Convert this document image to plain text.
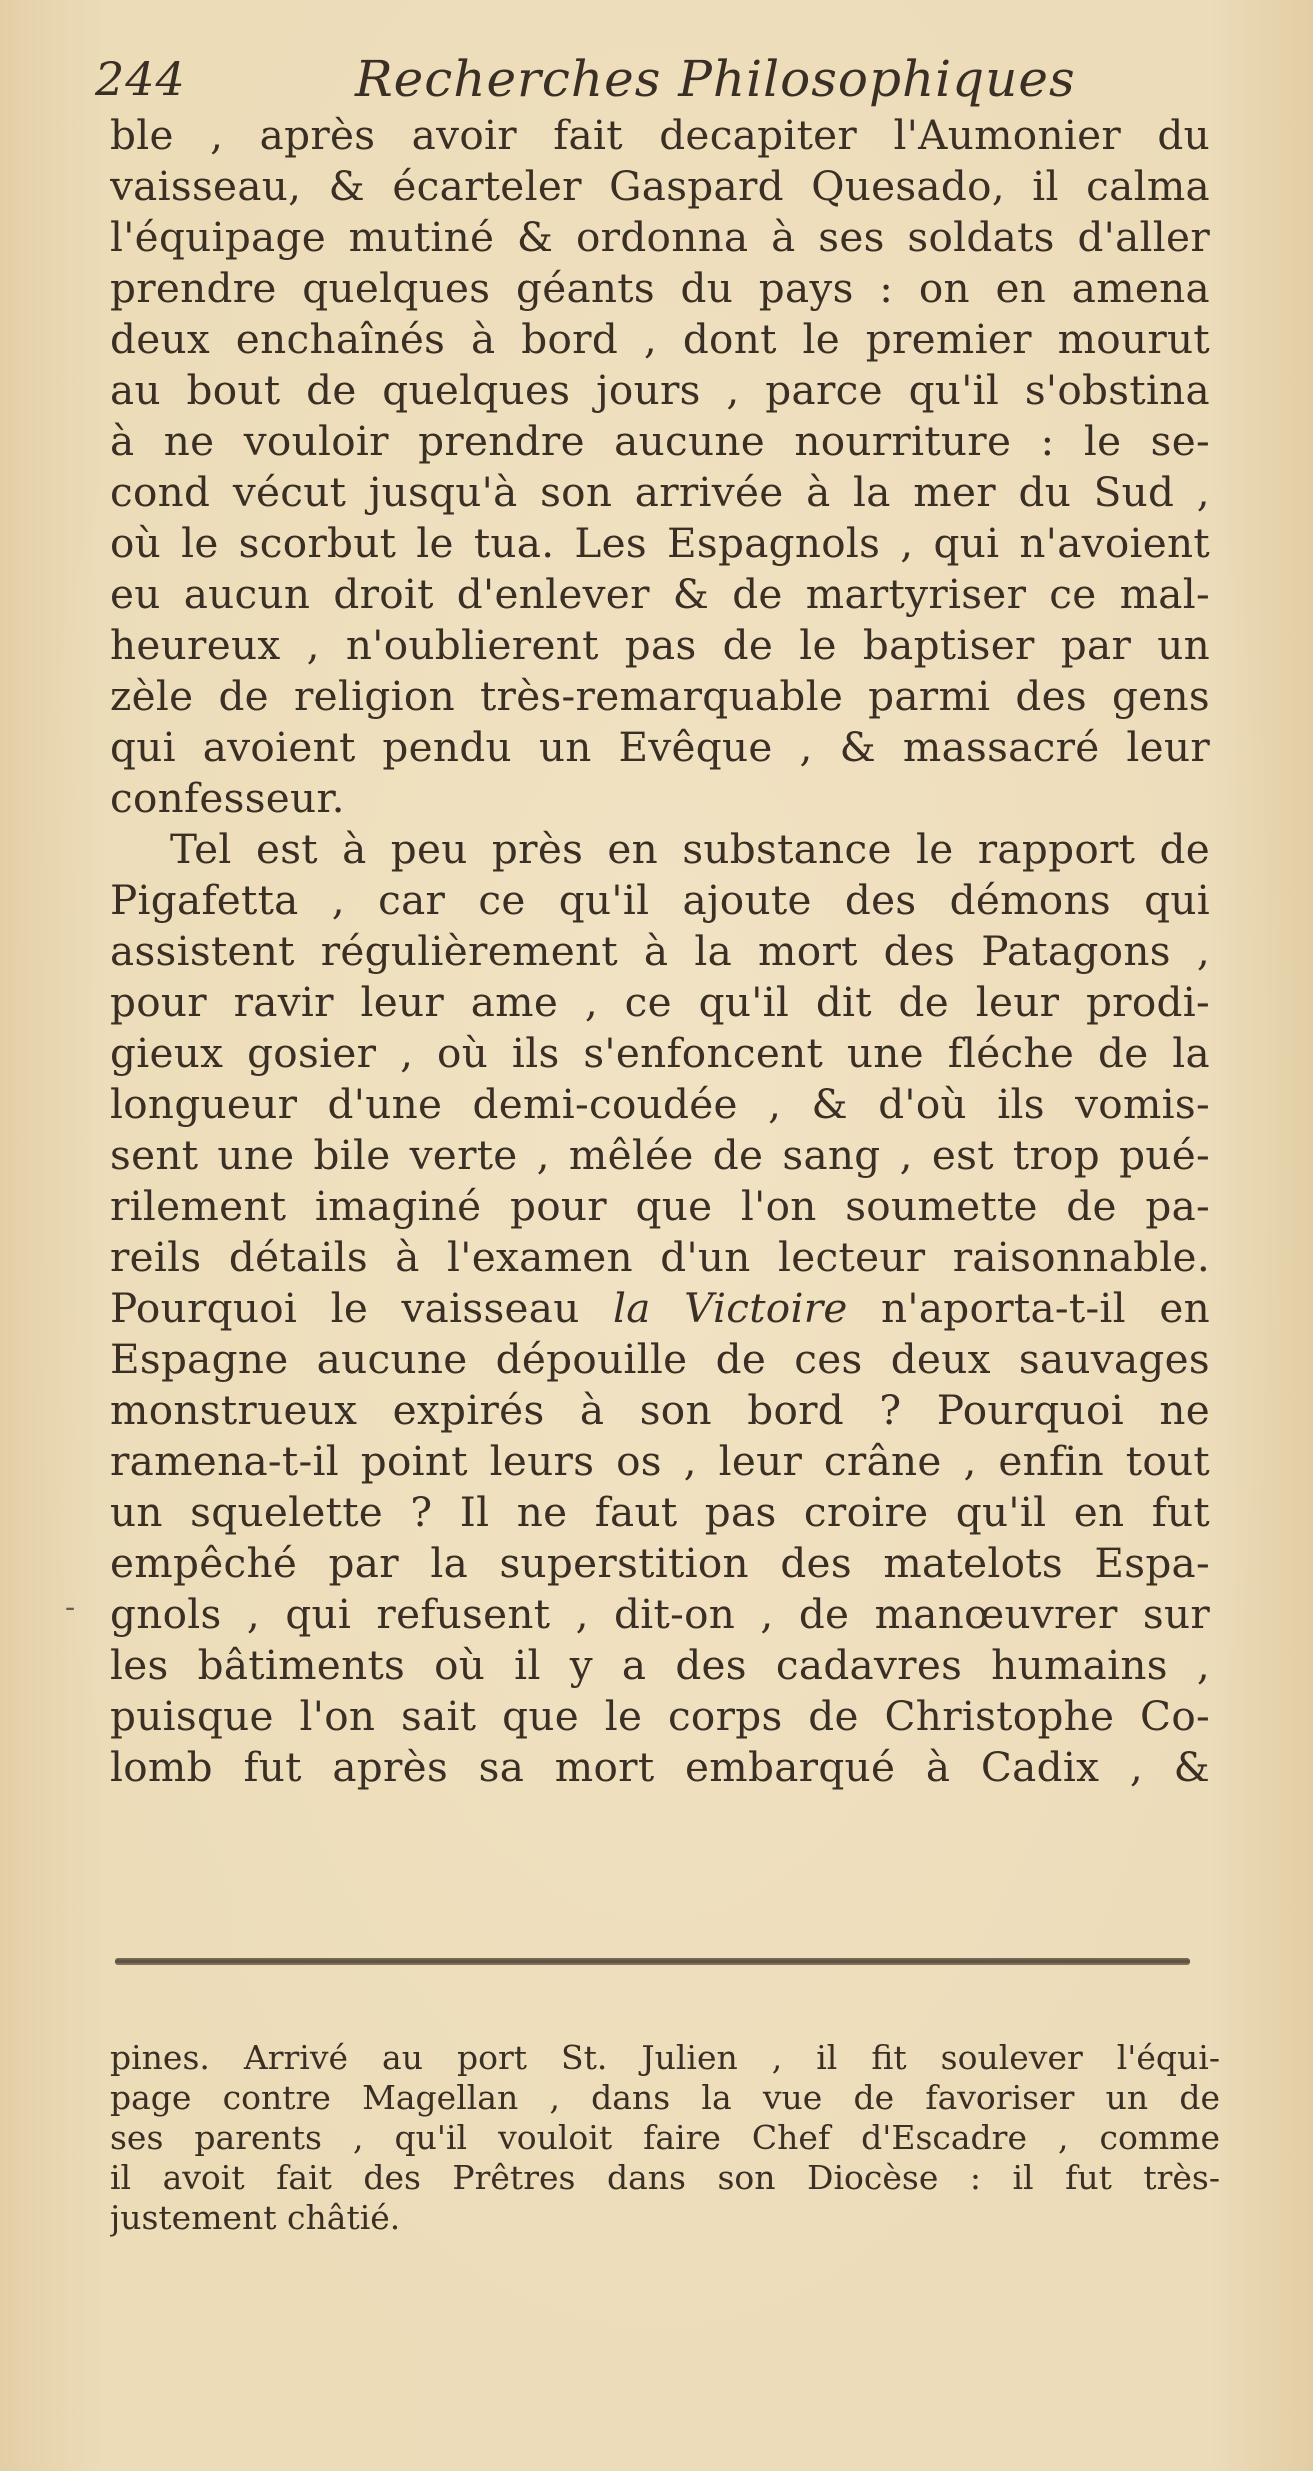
244	Recherches Philosophiques
ble , après avoir fait decapiter l'Aumonier du
vaisseau, & écarteler Gaspard Quesado, il calma
l'équipage mutiné & ordonna à ses soldats d'aller
prendre quelques géants du pays : on en amena
deux enchaînés à bord , dont le premier mourut
au bout de quelques jours , parce qu'il s'obstina
à ne vouloir prendre aucune nourriture : le se-
cond vécut jusqu'à son arrivée à la mer du Sud ,
où le scorbut le tua. Les Espagnols , qui n'avoient
eu aucun droit d'enlever & de martyriser ce mal-
heureux , n'oublierent pas de le baptiser par un
zèle de religion très-remarquable parmi des gens
qui avoient pendu un Evêque , & massacré leur
confesseur.
Tel est à peu près en substance le rapport de
Pigafetta , car ce qu'il ajoute des démons qui
assistent régulièrement à la mort des Patagons ,
pour ravir leur ame , ce qu'il dit de leur prodi-
gieux gosier , où ils s'enfoncent une fléche de la
longueur d'une demi-coudée , & d'où ils vomis-
sent une bile verte , mêlée de sang , est trop pué-
rilement imaginé pour que l'on soumette de pa-
reils détails à l'examen d'un lecteur raisonnable.
Pourquoi le vaisseau la Victoire n'aporta-t-il en
Espagne aucune dépouille de ces deux sauvages
monstrueux expirés à son bord ? Pourquoi ne
ramena-t-il point leurs os , leur crâne , enfin tout
un squelette ? Il ne faut pas croire qu'il en fut
empêché par la superstition des matelots Espa-
gnols , qui refusent , dit-on , de manœuvrer sur
les bâtiments où il y a des cadavres humains ,
puisque l'on sait que le corps de Christophe Co-
lomb fut après sa mort embarqué à Cadix , &
-
pines. Arrivé au port St. Julien , il fit soulever l'équi-
page contre Magellan , dans la vue de favoriser un de
ses parents , qu'il vouloit faire Chef d'Escadre , comme
il avoit fait des Prêtres dans son Diocèse : il fut très-
justement châtié.
